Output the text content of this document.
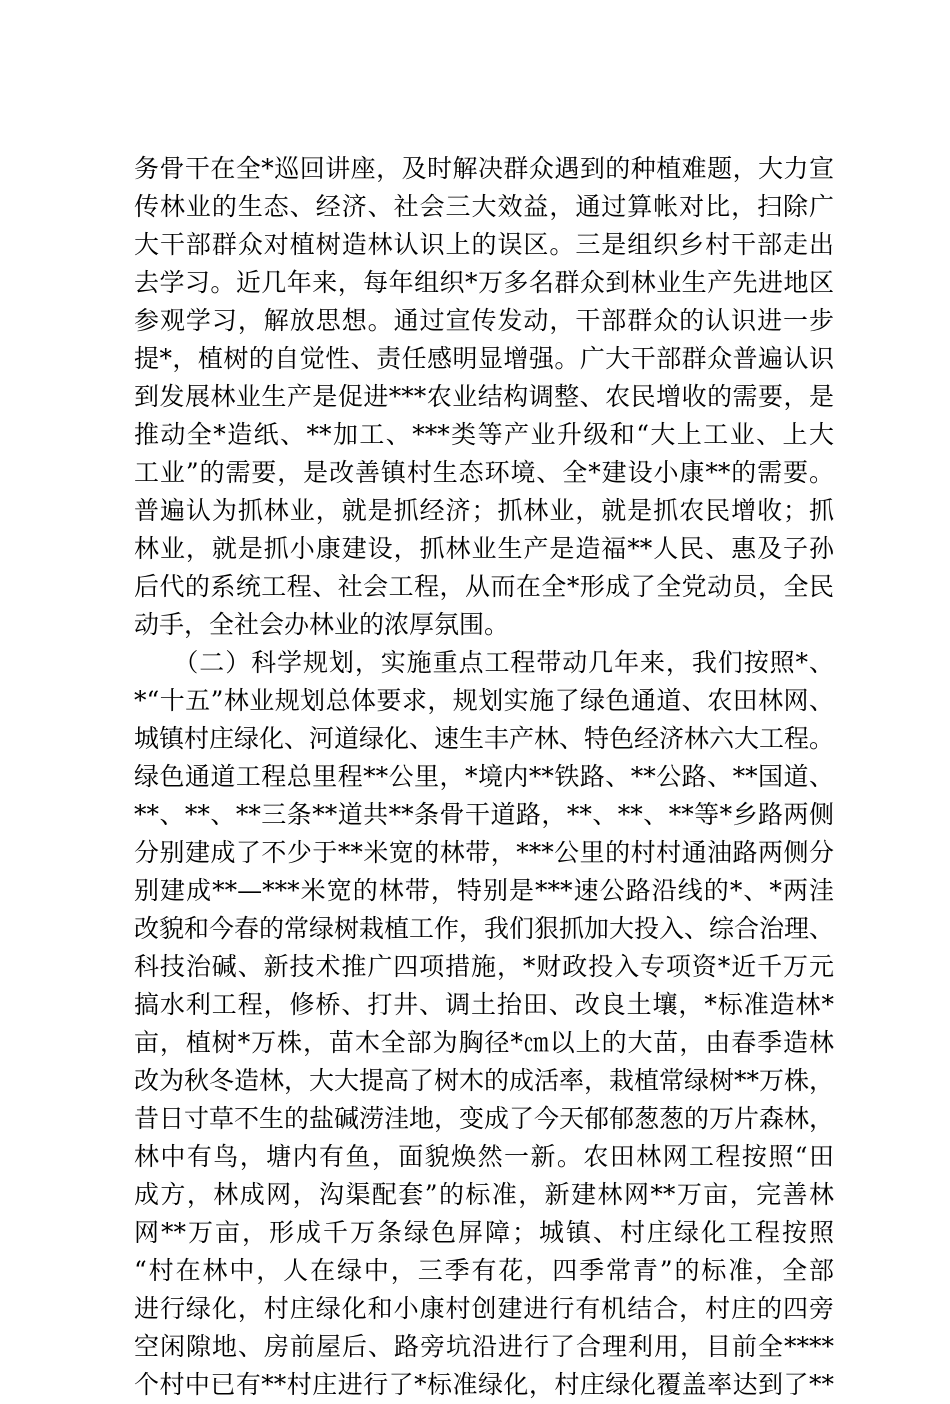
务骨干在全*巡回讲座，及时解决群众遇到的种植难题，大力宣
传林业的生态、经济、社会三大效益，通过算帐对比，扫除广
大干部群众对植树造林认识上的误区。三是组织乡村干部走出
去学习。近几年来，每年组织*万多名群众到林业生产先进地区
参观学习，解放思想。通过宣传发动，干部群众的认识进一步
提*，植树的自觉性、责任感明显增强。广大干部群众普遍认识
到发展林业生产是促进***农业结构调整、农民增收的需要，是
推动全*造纸、**加工、***类等产业升级和“大上工业、上大
工业”的需要，是改善镇村生态环境、全*建设小康**的需要。
普遍认为抓林业，就是抓经济；抓林业，就是抓农民增收；抓
林业，就是抓小康建设，抓林业生产是造福**人民、惠及子孙
后代的系统工程、社会工程，从而在全*形成了全党动员，全民
动手，全社会办林业的浓厚氛围。
　　（二）科学规划，实施重点工程带动几年来，我们按照*、
*“十五”林业规划总体要求，规划实施了绿色通道、农田林网、
城镇村庄绿化、河道绿化、速生丰产林、特色经济林六大工程。
绿色通道工程总里程**公里，*境内**铁路、**公路、**国道、
**、**、**三条**道共**条骨干道路，**、**、**等*乡路两侧
分别建成了不少于**米宽的林带，***公里的村村通油路两侧分
别建成**—***米宽的林带，特别是***速公路沿线的*、*两洼
改貌和今春的常绿树栽植工作，我们狠抓加大投入、综合治理、
科技治碱、新技术推广四项措施，*财政投入专项资*近千万元
搞水利工程，修桥、打井、调土抬田、改良土壤，*标准造林*
亩，植树*万株，苗木全部为胸径*㎝以上的大苗，由春季造林
改为秋冬造林，大大提高了树木的成活率，栽植常绿树**万株，
昔日寸草不生的盐碱涝洼地，变成了今天郁郁葱葱的万片森林，
林中有鸟，塘内有鱼，面貌焕然一新。农田林网工程按照“田
成方，林成网，沟渠配套”的标准，新建林网**万亩，完善林
网**万亩，形成千万条绿色屏障；城镇、村庄绿化工程按照
“村在林中，人在绿中，三季有花，四季常青”的标准，全部
进行绿化，村庄绿化和小康村创建进行有机结合，村庄的四旁
空闲隙地、房前屋后、路旁坑沿进行了合理利用，目前全****
个村中已有**村庄进行了*标准绿化，村庄绿化覆盖率达到了**
